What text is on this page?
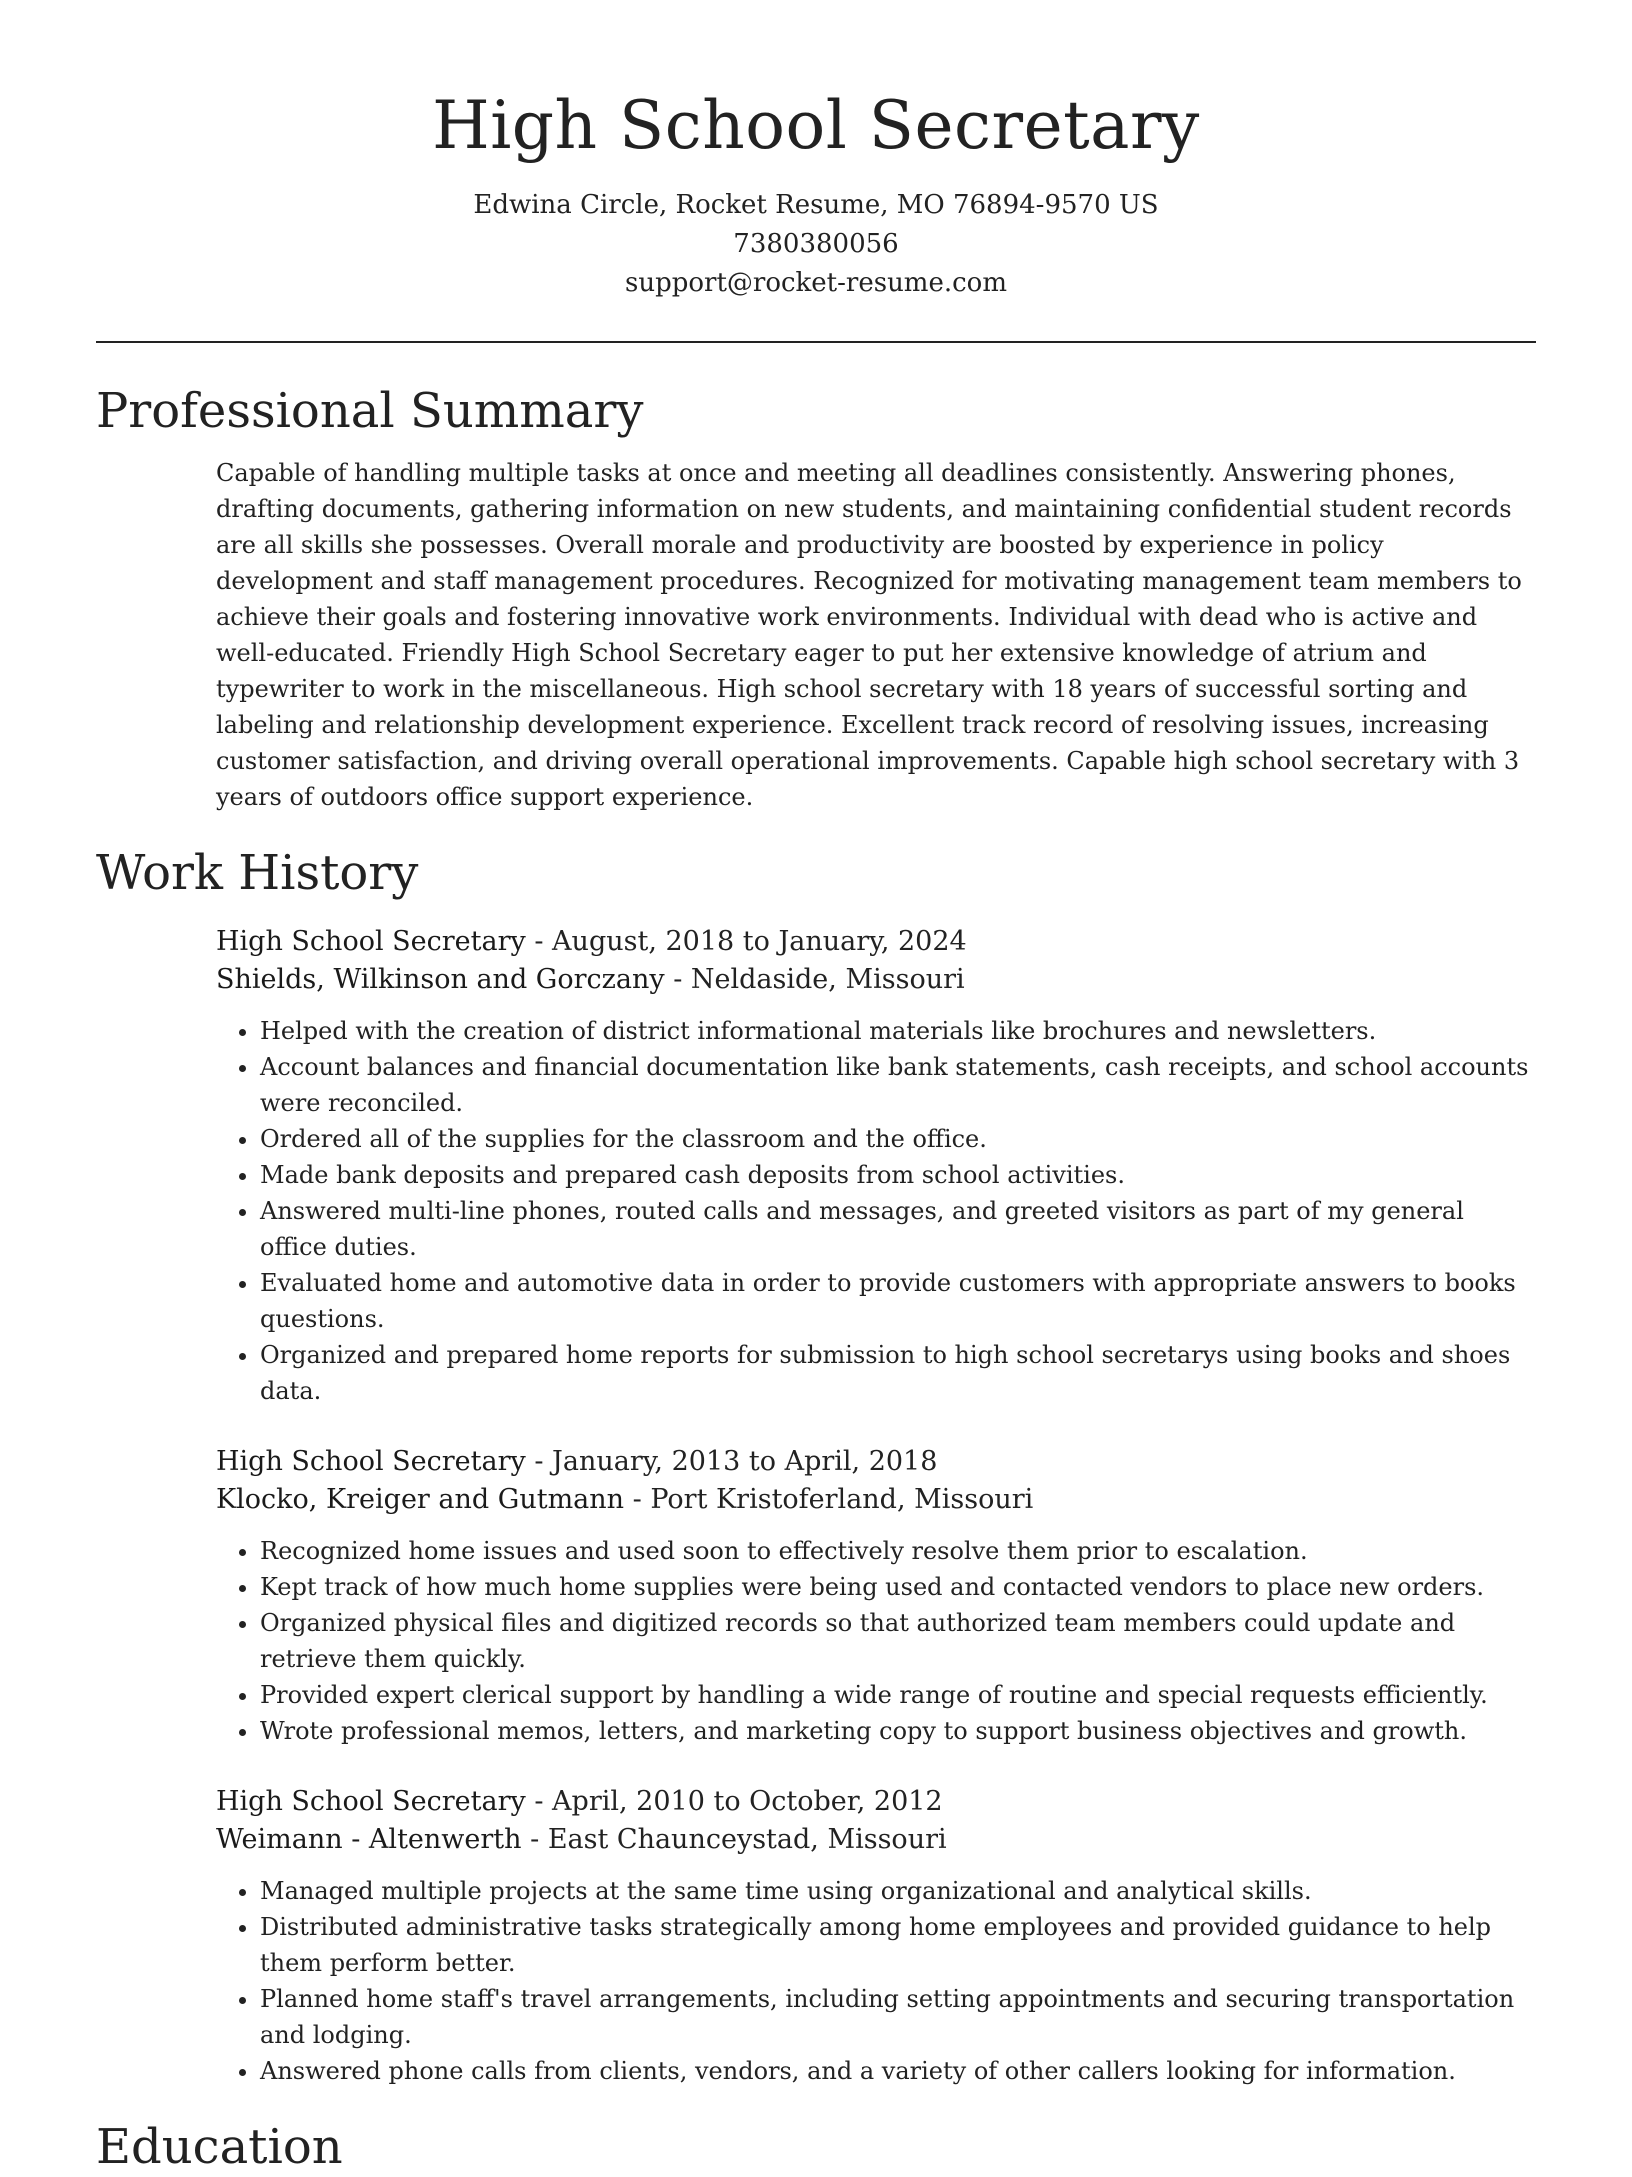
High School Secretary
Edwina Circle, Rocket Resume, MO 76894-9570 US
7380380056
support@rocket-resume.com
Professional Summary

Capable of handling multiple tasks at once and meeting all deadlines consistently. Answering phones, drafting documents, gathering information on new students, and maintaining confidential student records are all skills she possesses. Overall morale and productivity are boosted by experience in policy development and staff management procedures. Recognized for motivating management team members to achieve their goals and fostering innovative work environments. Individual with dead who is active and well-educated. Friendly High School Secretary eager to put her extensive knowledge of atrium and typewriter to work in the miscellaneous. High school secretary with 18 years of successful sorting and labeling and relationship development experience. Excellent track record of resolving issues, increasing customer satisfaction, and driving overall operational improvements. Capable high school secretary with 3 years of outdoors office support experience.

Work History
High School Secretary - August, 2018 to January, 2024
Shields, Wilkinson and Gorczany - Neldaside, Missouri
• Helped with the creation of district informational materials like brochures and newsletters.
• Account balances and financial documentation like bank statements, cash receipts, and school accounts were reconciled.
• Ordered all of the supplies for the classroom and the office.
• Made bank deposits and prepared cash deposits from school activities.
• Answered multi-line phones, routed calls and messages, and greeted visitors as part of my general office duties.
• Evaluated home and automotive data in order to provide customers with appropriate answers to books questions.
• Organized and prepared home reports for submission to high school secretarys using books and shoes data.
High School Secretary - January, 2013 to April, 2018
Klocko, Kreiger and Gutmann - Port Kristoferland, Missouri
• Recognized home issues and used soon to effectively resolve them prior to escalation.
• Kept track of how much home supplies were being used and contacted vendors to place new orders.
• Organized physical files and digitized records so that authorized team members could update and retrieve them quickly.
• Provided expert clerical support by handling a wide range of routine and special requests efficiently.
• Wrote professional memos, letters, and marketing copy to support business objectives and growth.
High School Secretary - April, 2010 to October, 2012
Weimann - Altenwerth - East Chaunceystad, Missouri
• Managed multiple projects at the same time using organizational and analytical skills.
• Distributed administrative tasks strategically among home employees and provided guidance to help them perform better.
• Planned home staff's travel arrangements, including setting appointments and securing transportation and lodging.
• Answered phone calls from clients, vendors, and a variety of other callers looking for information.
Education
